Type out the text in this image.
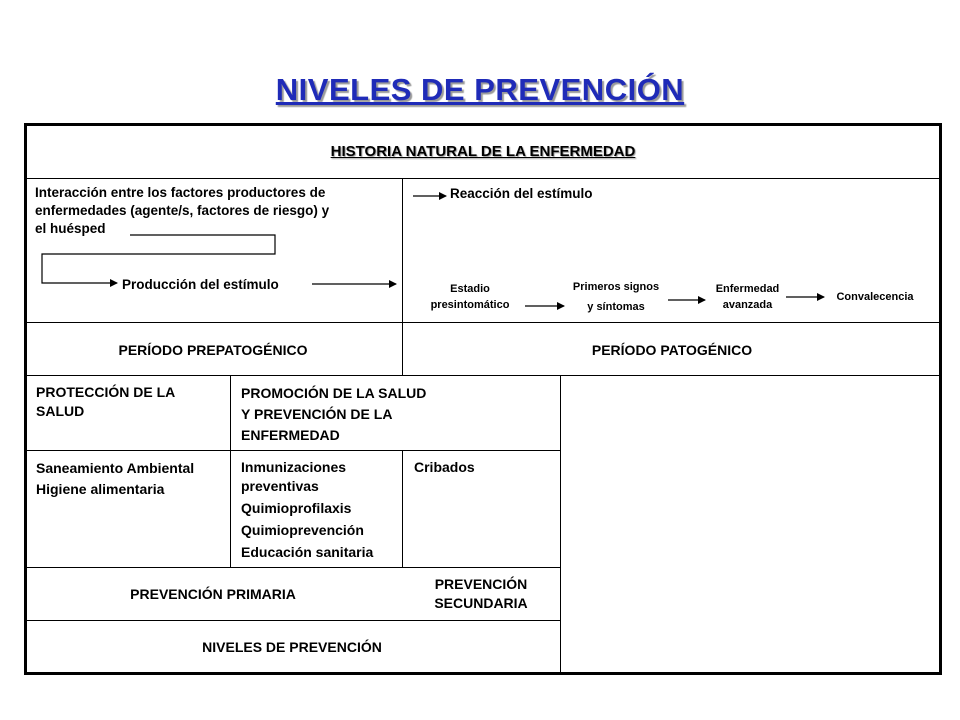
NIVELES DE PREVENCIÓN
HISTORIA NATURAL DE LA ENFERMEDAD
Interacción entre los factores productores de
enfermedades (agente/s, factores de riesgo) y
el huésped
Producción del estímulo
Reacción del estímulo
Estadio
presintomático
Primeros signos
y síntomas
Enfermedad
avanzada
Convalecencia
PERÍODO PREPATOGÉNICO	PERÍODO PATOGÉNICO
PROTECCIÓN DE LA
SALUD
PROMOCIÓN DE LA SALUD
Y PREVENCIÓN DE LA
ENFERMEDAD
Saneamiento Ambiental
Higiene alimentaria
Inmunizaciones
preventivas
Quimioprofilaxis
Quimioprevención
Educación sanitaria
Cribados
PREVENCIÓN PRIMARIA
PREVENCIÓN
SECUNDARIA
NIVELES DE PREVENCIÓN
